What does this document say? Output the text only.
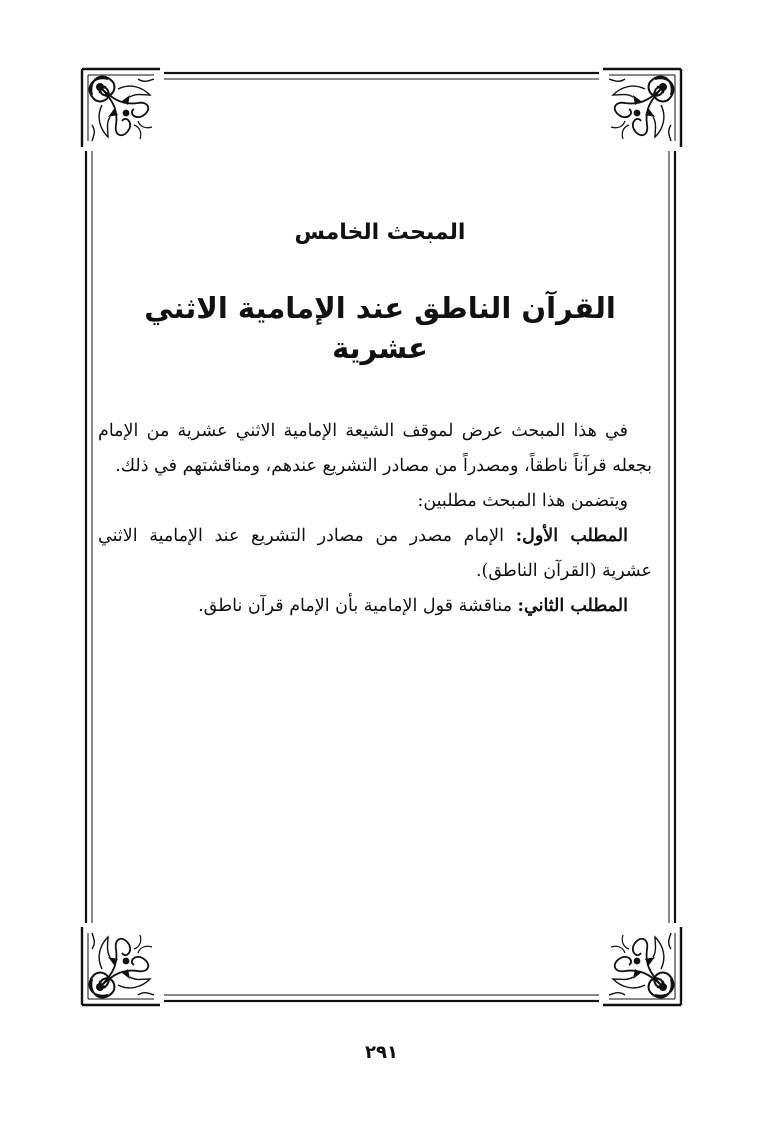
المبحث الخامس
القرآن الناطق عند الإمامية الاثني عشرية

في هذا المبحث عرض لموقف الشيعة الإمامية الاثني عشرية من الإمام بجعله قرآناً ناطقاً، ومصدراً من مصادر التشريع عندهم، ومناقشتهم في ذلك.

ويتضمن هذا المبحث مطلبين:

المطلب الأول: الإمام مصدر من مصادر التشريع عند الإمامية الاثني عشرية (القرآن الناطق).

المطلب الثاني: مناقشة قول الإمامية بأن الإمام قرآن ناطق.

٢٩١
